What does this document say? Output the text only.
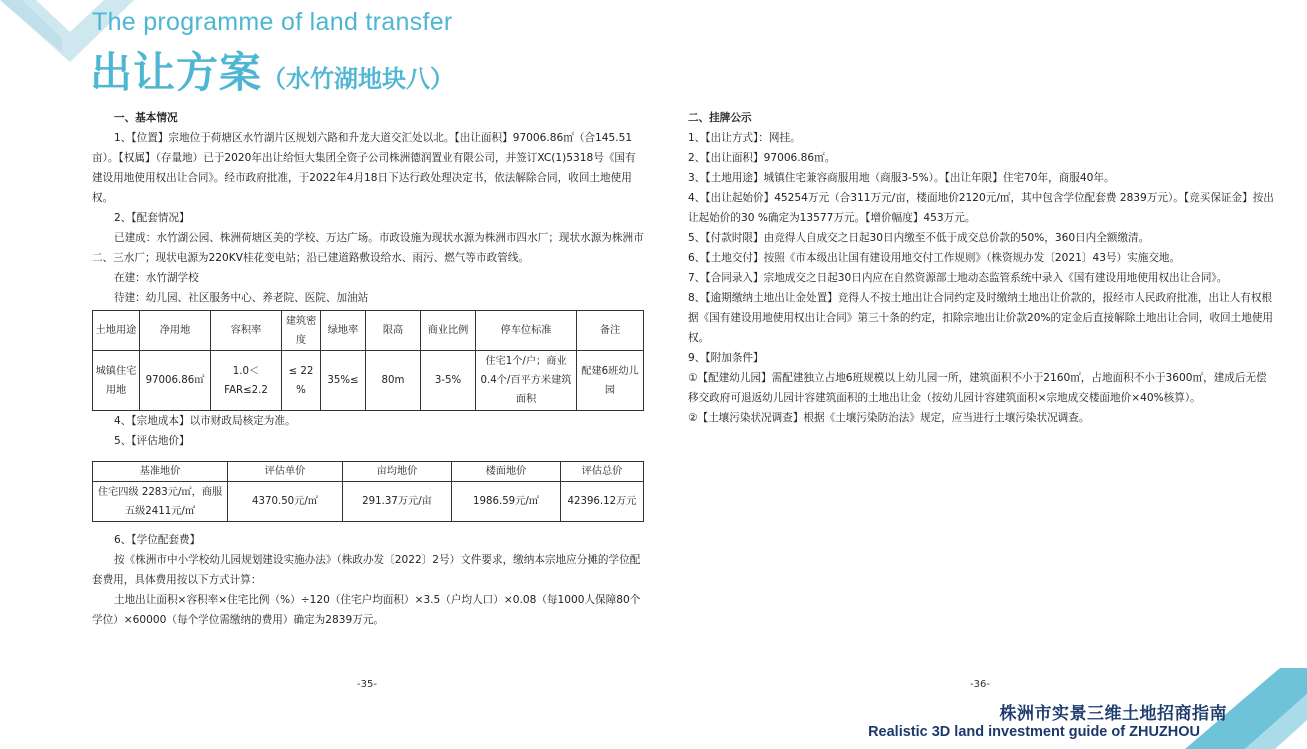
The programme of land transfer
出让方案（水竹湖地块八）

一、基本情况

1、【位置】宗地位于荷塘区水竹湖片区规划六路和升龙大道交汇处以北。【出让面积】97006.86㎡（合145.51亩）。【权属】（存量地）已于2020年出让给恒大集团全资子公司株洲德润置业有限公司，并签订XC(1)5318号《国有建设用地使用权出让合同》。经市政府批准，于2022年4月18日下达行政处理决定书，依法解除合同，收回土地使用权。

2、【配套情况】

已建成：水竹湖公园、株洲荷塘区美的学校、万达广场。市政设施为现状水源为株洲市四水厂；现状水源为株洲市二、三水厂；现状电源为220KV桂花变电站；沿已建道路敷设给水、雨污、燃气等市政管线。

在建：水竹湖学校

待建：幼儿园、社区服务中心、养老院、医院、加油站

土地用途	净用地	容积率	建筑密度	绿地率	限高	商业比例	停车位标准	备注
城镇住宅用地	97006.86㎡	1.0＜FAR≤2.2	≤ 22 %	35%≤	80m	3-5%	住宅1个/户；商业0.4个/百平方米建筑面积	配建6班幼儿园

4、【宗地成本】以市财政局核定为准。

5、【评估地价】

基准地价	评估单价	亩均地价	楼面地价	评估总价
住宅四级 2283元/㎡，商服五级2411元/㎡	4370.50元/㎡	291.37万元/亩	1986.59元/㎡	42396.12万元

6、【学位配套费】

按《株洲市中小学校幼儿园规划建设实施办法》（株政办发〔2022〕2号）文件要求，缴纳本宗地应分摊的学位配套费用，具体费用按以下方式计算：

土地出让面积×容积率×住宅比例（%）÷120（住宅户均面积）×3.5（户均人口）×0.08（每1000人保障80个学位）×60000（每个学位需缴纳的费用）确定为2839万元。

-35-

二、挂牌公示

1、【出让方式】：网挂。

2、【出让面积】97006.86㎡。

3、【土地用途】城镇住宅兼容商服用地（商服3-5%）。【出让年限】住宅70年，商服40年。

4、【出让起始价】45254万元（合311万元/亩，楼面地价2120元/㎡，其中包含学位配套费 2839万元）。【竞买保证金】按出让起始价的30 %确定为13577万元。【增价幅度】453万元。

5、【付款时限】由竞得人自成交之日起30日内缴至不低于成交总价款的50%，360日内全额缴清。

6、【土地交付】按照《市本级出让国有建设用地交付工作规则》（株资规办发〔2021〕43号）实施交地。

7、【合同录入】宗地成交之日起30日内应在自然资源部土地动态监管系统中录入《国有建设用地使用权出让合同》。

8、【逾期缴纳土地出让金处置】竞得人不按土地出让合同约定及时缴纳土地出让价款的，报经市人民政府批准，出让人有权根据《国有建设用地使用权出让合同》第三十条的约定，扣除宗地出让价款20%的定金后直接解除土地出让合同，收回土地使用权。

9、【附加条件】

①【配建幼儿园】需配建独立占地6班规模以上幼儿园一所，建筑面积不小于2160㎡，占地面积不小于3600㎡，建成后无偿移交政府可退返幼儿园计容建筑面积的土地出让金（按幼儿园计容建筑面积×宗地成交楼面地价×40%核算）。

②【土壤污染状况调查】根据《土壤污染防治法》规定，应当进行土壤污染状况调查。

-36-
株洲市实景三维土地招商指南
Realistic 3D land investment guide of ZHUZHOU
